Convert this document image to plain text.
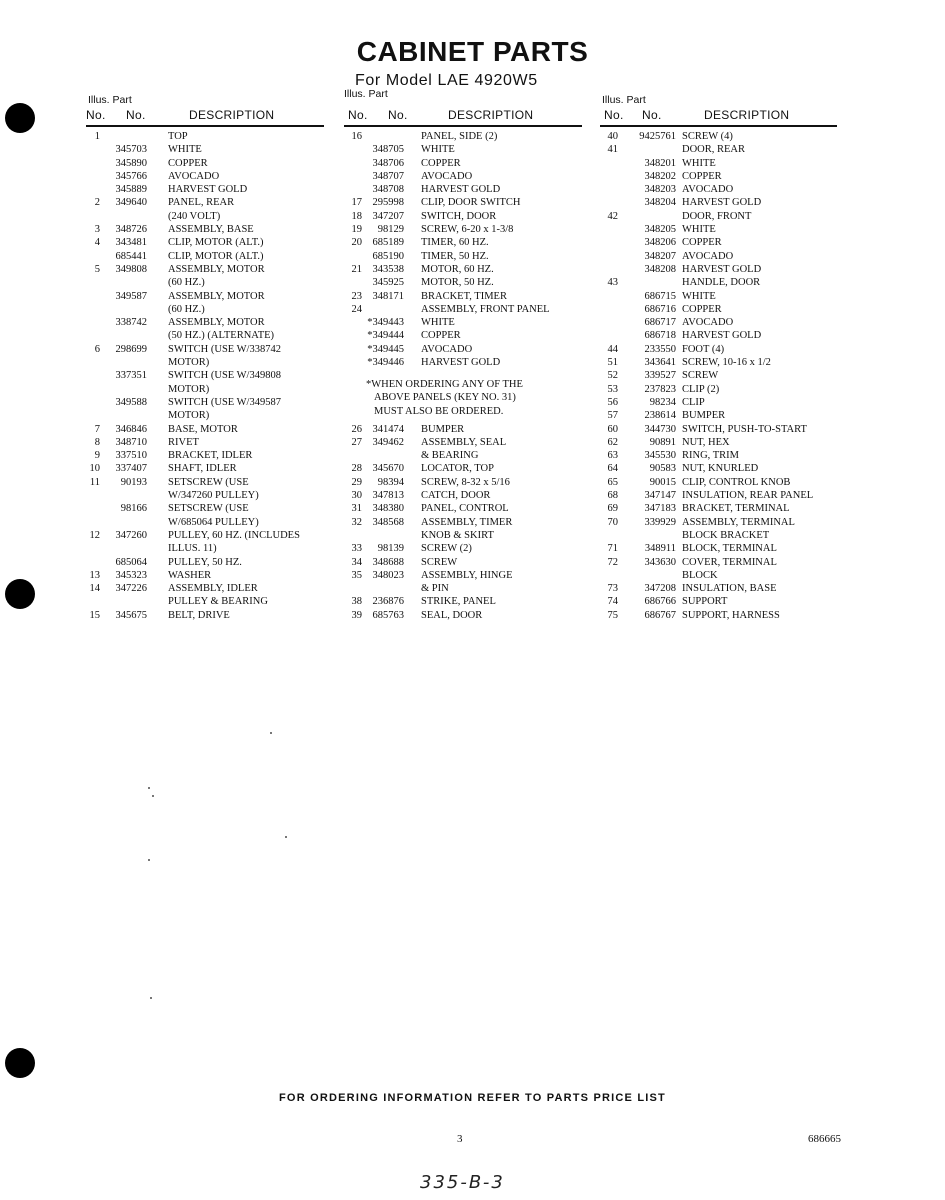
CABINET PARTS
For Model LAE 4920W5
Illus. Part
No. No.	DESCRIPTION
1	TOP
345703 WHITE
345890 COPPER
345766 AVOCADO
345889 HARVEST GOLD
2	349640 PANEL, REAR
(240 VOLT)
3	348726 ASSEMBLY, BASE
4	343481 CLIP, MOTOR (ALT.)
685441 CLIP, MOTOR (ALT.)
5	349808 ASSEMBLY, MOTOR
(60 HZ.)
349587 ASSEMBLY, MOTOR
(60 HZ.)
338742 ASSEMBLY, MOTOR
(50 HZ.) (ALTERNATE)
6	298699 SWITCH (USE W/338742
MOTOR)
337351 SWITCH (USE W/349808
MOTOR)
349588 SWITCH (USE W/349587
MOTOR)
7	346846 BASE, MOTOR
8	348710 RIVET
9	337510 BRACKET, IDLER
10	337407 SHAFT, IDLER
11	90193 SETSCREW (USE
W/347260 PULLEY)
98166 SETSCREW (USE
W/685064 PULLEY)
12	347260 PULLEY, 60 HZ. (INCLUDES
ILLUS. 11)
685064 PULLEY, 50 HZ.
13	345323 WASHER
14	347226 ASSEMBLY, IDLER
PULLEY & BEARING
15	345675 BELT, DRIVE
Illus. Part
No. No.	DESCRIPTION
16	PANEL, SIDE (2)
348705 WHITE
348706 COPPER
348707 AVOCADO
348708 HARVEST GOLD
17	295998 CLIP, DOOR SWITCH
18	347207 SWITCH, DOOR
19	98129 SCREW, 6-20 x 1-3/8
20	685189 TIMER, 60 HZ.
685190 TIMER, 50 HZ.
21	343538 MOTOR, 60 HZ.
345925 MOTOR, 50 HZ.
23	348171 BRACKET, TIMER
24	ASSEMBLY, FRONT PANEL
*349443 WHITE
*349444 COPPER
*349445 AVOCADO
*349446 HARVEST GOLD
26	341474 BUMPER
27	349462 ASSEMBLY, SEAL
& BEARING
28	345670 LOCATOR, TOP
29	98394 SCREW, 8-32 x 5/16
30	347813 CATCH, DOOR
31	348380 PANEL, CONTROL
32	348568 ASSEMBLY, TIMER
KNOB & SKIRT
33	98139 SCREW (2)
34	348688 SCREW
35	348023 ASSEMBLY, HINGE
& PIN
38	236876 STRIKE, PANEL
39	685763 SEAL, DOOR
*WHEN ORDERING ANY OF THE
ABOVE PANELS (KEY NO. 31)
MUST ALSO BE ORDERED.
Illus. Part
No. No.	DESCRIPTION
40	9425761 SCREW (4)
41	DOOR, REAR
348201 WHITE
348202 COPPER
348203 AVOCADO
348204 HARVEST GOLD
42	DOOR, FRONT
348205 WHITE
348206 COPPER
348207 AVOCADO
348208 HARVEST GOLD
43	HANDLE, DOOR
686715 WHITE
686716 COPPER
686717 AVOCADO
686718 HARVEST GOLD
44	233550 FOOT (4)
51	343641 SCREW, 10-16 x 1/2
52	339527 SCREW
53	237823 CLIP (2)
56	98234 CLIP
57	238614 BUMPER
60	344730 SWITCH, PUSH-TO-START
62	90891 NUT, HEX
63	345530 RING, TRIM
64	90583 NUT, KNURLED
65	90015 CLIP, CONTROL KNOB
68	347147 INSULATION, REAR PANEL
69	347183 BRACKET, TERMINAL
70	339929 ASSEMBLY, TERMINAL
BLOCK BRACKET
71	348911 BLOCK, TERMINAL
72	343630 COVER, TERMINAL
BLOCK
73	347208 INSULATION, BASE
74	686766 SUPPORT
75	686767 SUPPORT, HARNESS
FOR ORDERING INFORMATION REFER TO PARTS PRICE LIST
3	686665
335-B-3
